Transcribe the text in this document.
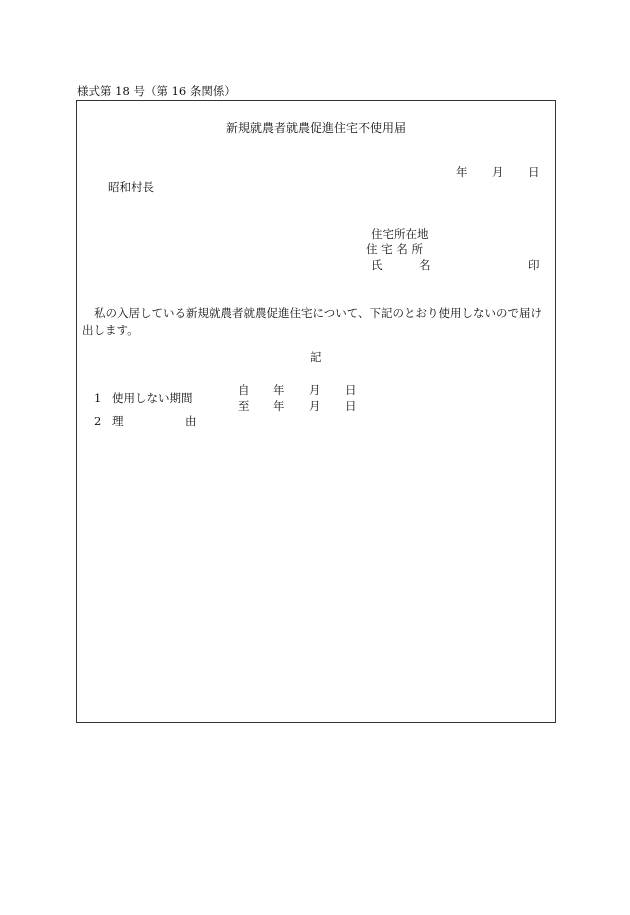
様式第 18 号（第 16 条関係）
新規就農者就農促進住宅不使用届
年 月 日
昭和村長
住宅所在地
住 宅 名 所
氏	名	印
私の入居している新規就農者就農促進住宅について、下記のとおり使用しないので届け出します。
記
1 使用しない期間
自 年 月 日
至 年 月 日
2 理	由
